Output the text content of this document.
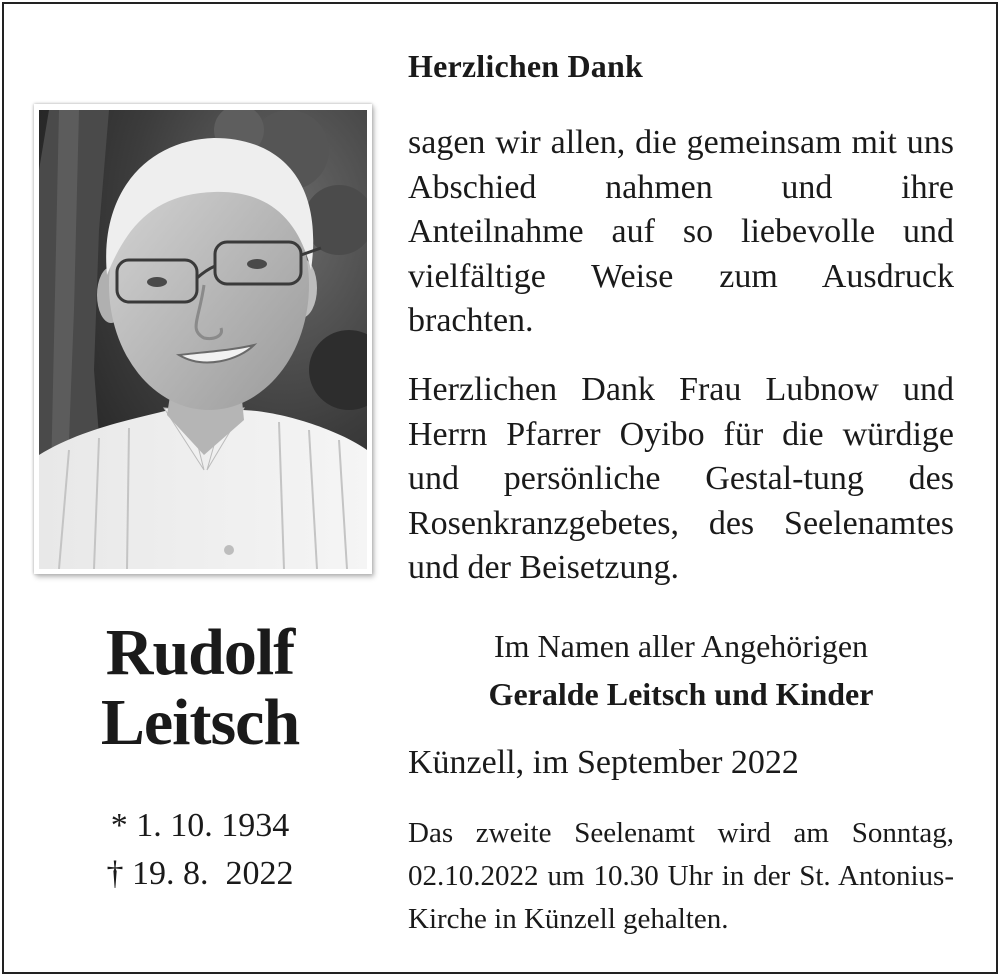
Herzlichen Dank

sagen wir allen, die gemeinsam mit uns Abschied nahmen und ihre Anteilnahme auf so liebevolle und vielfältige Weise zum Ausdruck brachten.

Herzlichen Dank Frau Lubnow und Herrn Pfarrer Oyibo für die würdige und persönliche Gestal-tung des Rosenkranzgebetes, des Seelenamtes und der Beisetzung.

Rudolf
Leitsch
* 1. 10. 1934
† 19. 8.  2022
Im Namen aller Angehörigen
Geralde Leitsch und Kinder

Künzell, im September 2022

Das zweite Seelenamt wird am Sonntag, 02.10.2022 um 10.30 Uhr in der St. Antonius-Kirche in Künzell gehalten.
